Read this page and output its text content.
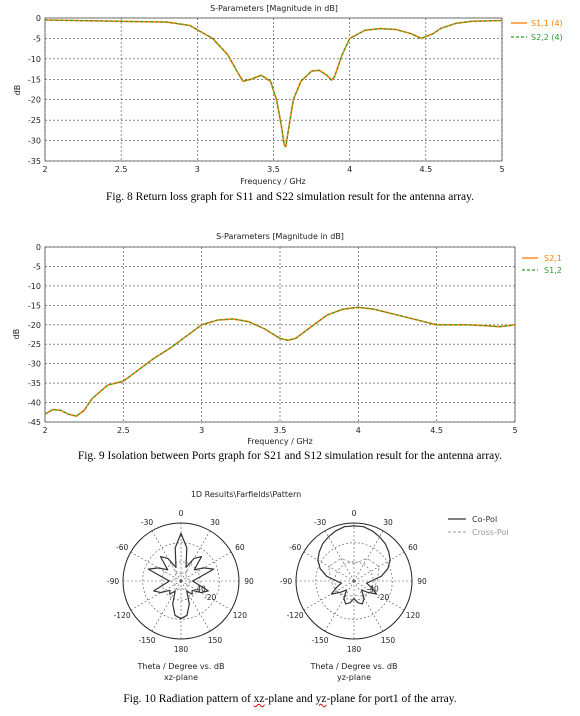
S-Parameters [Magnitude in dB]
2	2.5	3	3.5	4	4.5	5
0
-5
-10
-15
-20
-25
-30
-35
Frequency / GHz
dB
S1,1 (4)
S2,2 (4)
Fig. 8 Return loss graph for S11 and S22 simulation result for the antenna array.
S-Parameters [Magnitude in dB]
2	2.5	3	3.5	4	4.5	5
0
-5
-10
-15
-20
-25
-30
-35
-40
-45
Frequency / GHz
dB
S2,1
S1,2
Fig. 9 Isolation between Ports graph for S21 and S12 simulation result for the antenna array.
1D Results\Farfields\Pattern
0
30
60
90
120
150
180
-150
-120
-90
-60
-30
-20
-40
0
30
60
90
120
150
180
-150
-120
-90
-60
-30
-20
-40
Theta / Degree vs. dB
xz-plane
Theta / Degree vs. dB
yz-plane
Co-Pol
Cross-Pol
Fig. 10 Radiation pattern of xz-plane and yz-plane for port1 of the array.
